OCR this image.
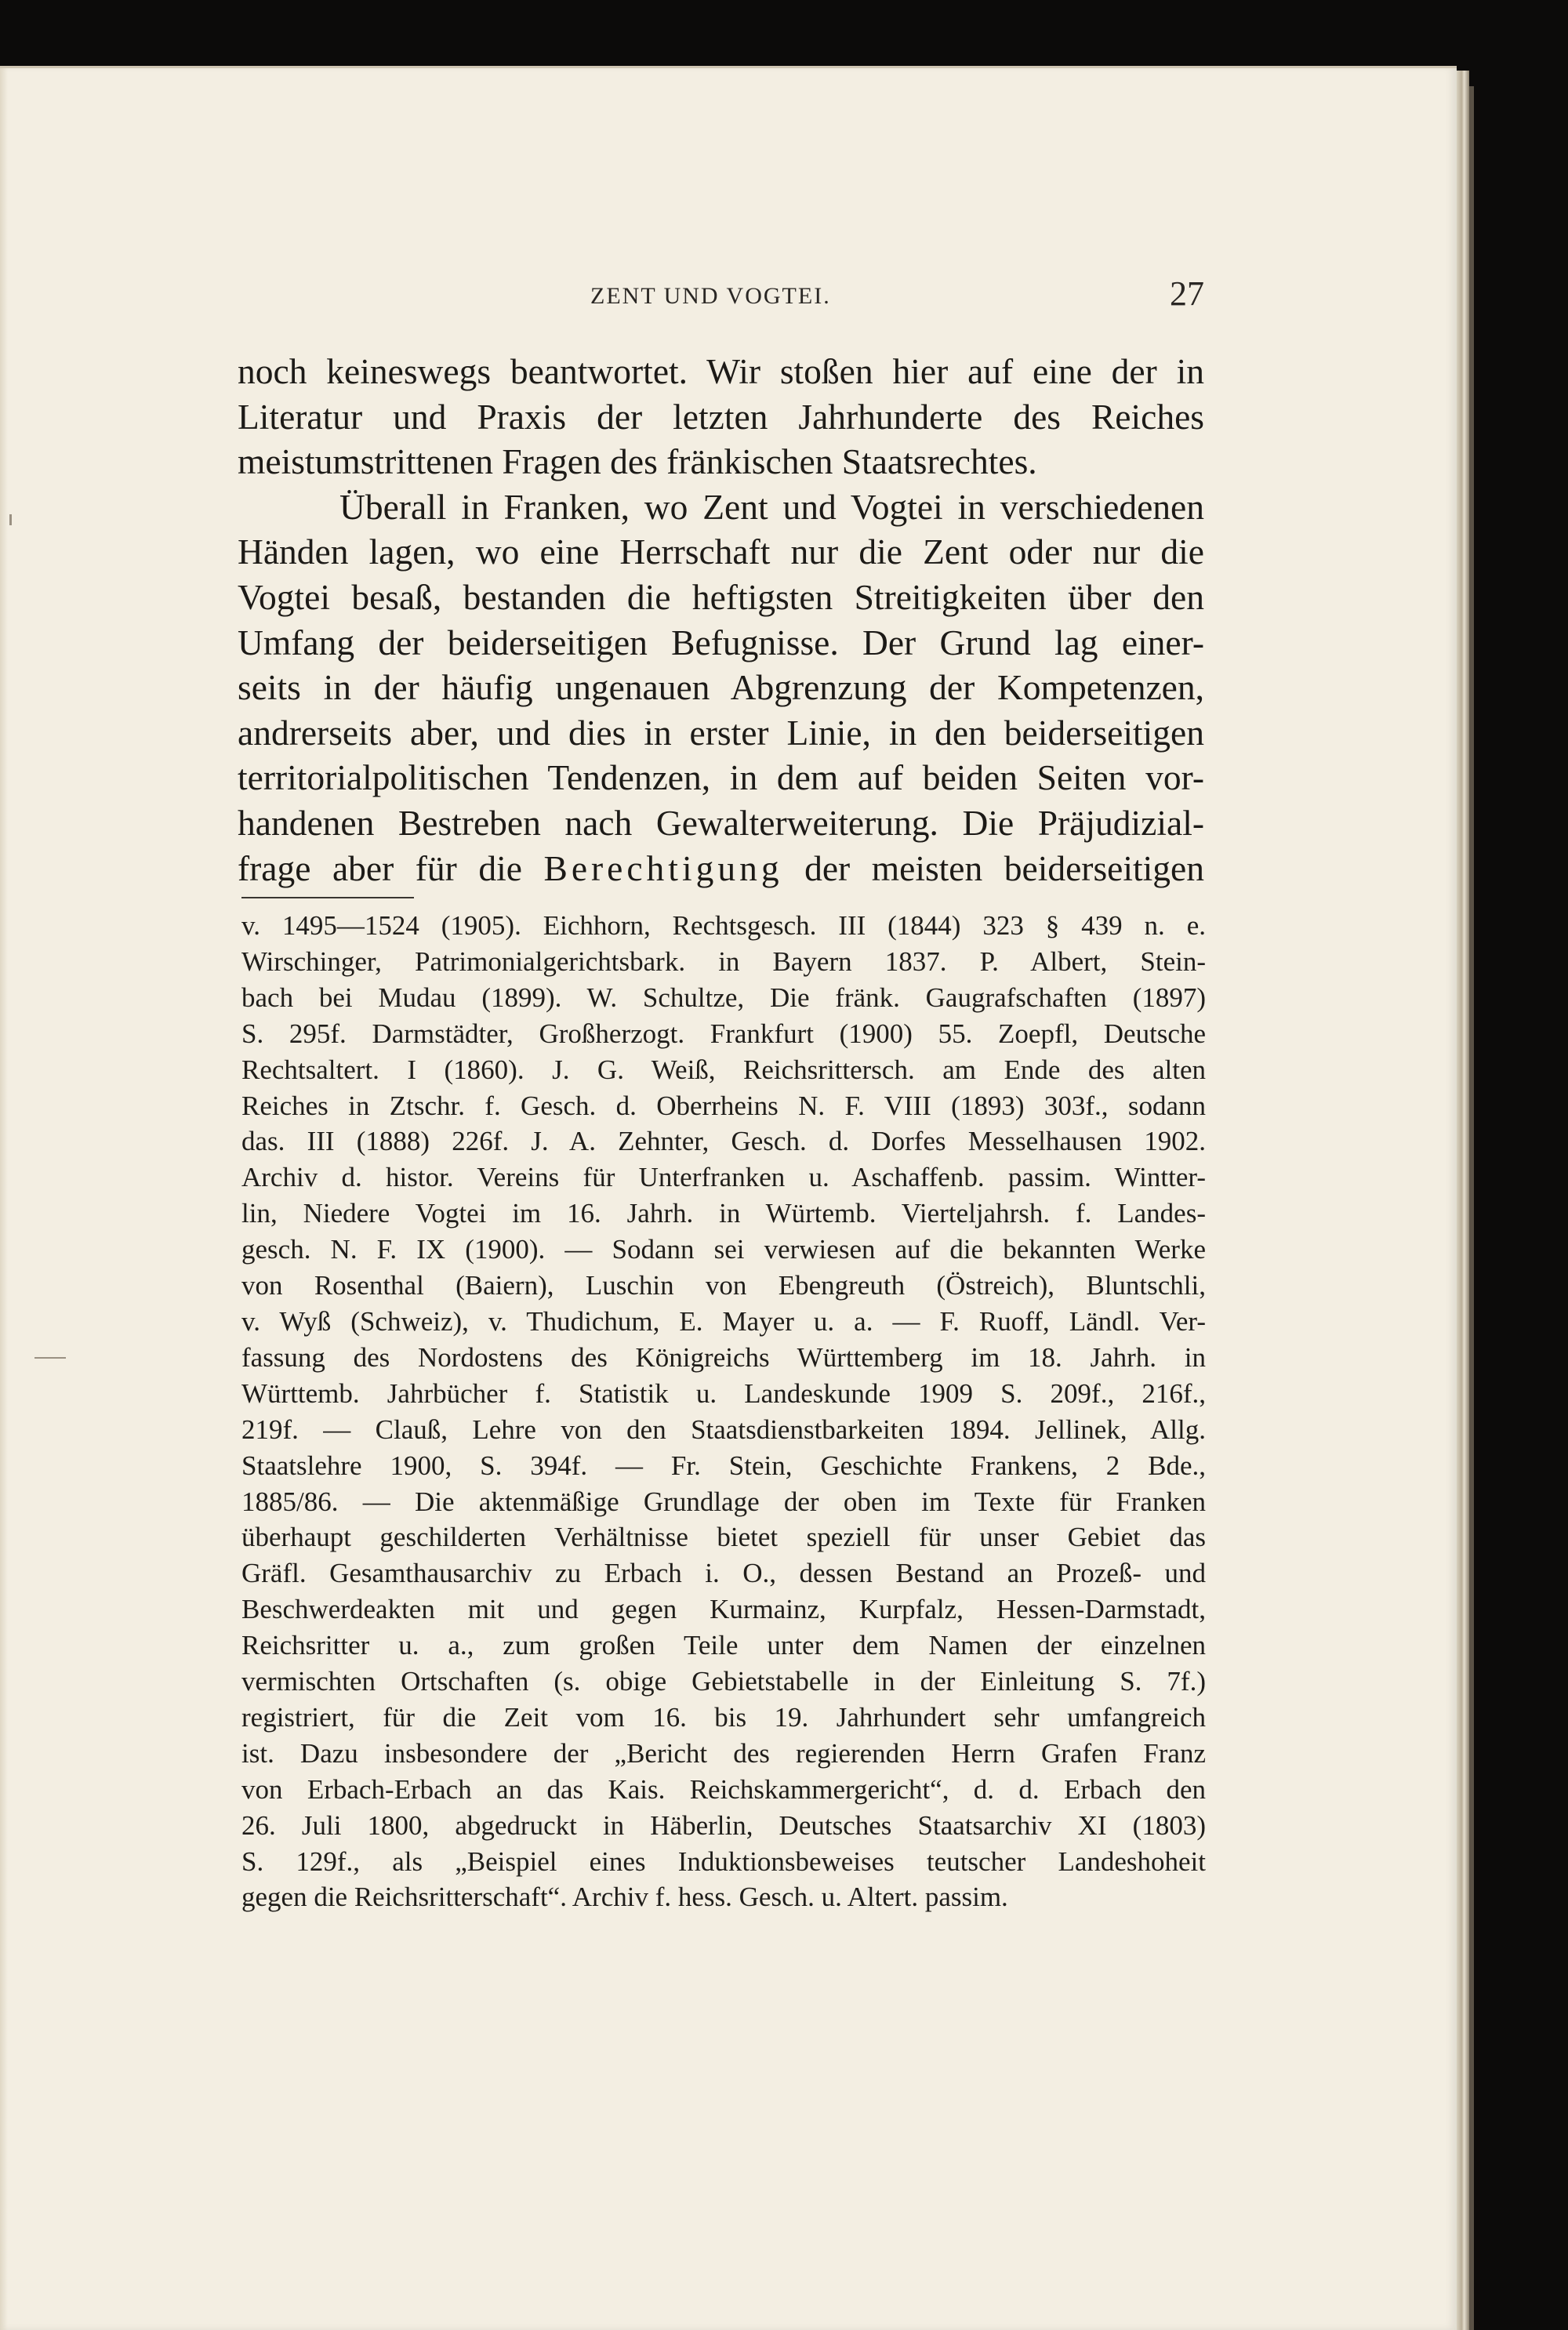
ZENT UND VOGTEI.	27
noch keineswegs beantwortet. Wir stoßen hier auf eine der in
Literatur und Praxis der letzten Jahrhunderte des Reiches
meistumstrittenen Fragen des fränkischen Staatsrechtes.
Überall in Franken, wo Zent und Vogtei in verschiedenen
Händen lagen, wo eine Herrschaft nur die Zent oder nur die
Vogtei besaß, bestanden die heftigsten Streitigkeiten über den
Umfang der beiderseitigen Befugnisse. Der Grund lag einer-
seits in der häufig ungenauen Abgrenzung der Kompetenzen,
andrerseits aber, und dies in erster Linie, in den beiderseitigen
territorialpolitischen Tendenzen, in dem auf beiden Seiten vor-
handenen Bestreben nach Gewalterweiterung. Die Präjudizial-
frage aber für die Berechtigung der meisten beiderseitigen
v. 1495—1524 (1905). Eichhorn, Rechtsgesch. III (1844) 323 § 439 n. e.
Wirschinger, Patrimonialgerichtsbark. in Bayern 1837. P. Albert, Stein-
bach bei Mudau (1899). W. Schultze, Die fränk. Gaugrafschaften (1897)
S. 295f. Darmstädter, Großherzogt. Frankfurt (1900) 55. Zoepfl, Deutsche
Rechtsaltert. I (1860). J. G. Weiß, Reichsrittersch. am Ende des alten
Reiches in Ztschr. f. Gesch. d. Oberrheins N. F. VIII (1893) 303f., sodann
das. III (1888) 226f. J. A. Zehnter, Gesch. d. Dorfes Messelhausen 1902.
Archiv d. histor. Vereins für Unterfranken u. Aschaffenb. passim. Wintter-
lin, Niedere Vogtei im 16. Jahrh. in Würtemb. Vierteljahrsh. f. Landes-
gesch. N. F. IX (1900). — Sodann sei verwiesen auf die bekannten Werke
von Rosenthal (Baiern), Luschin von Ebengreuth (Östreich), Bluntschli,
v. Wyß (Schweiz), v. Thudichum, E. Mayer u. a. — F. Ruoff, Ländl. Ver-
fassung des Nordostens des Königreichs Württemberg im 18. Jahrh. in
Württemb. Jahrbücher f. Statistik u. Landeskunde 1909 S. 209f., 216f.,
219f. — Clauß, Lehre von den Staatsdienstbarkeiten 1894. Jellinek, Allg.
Staatslehre 1900, S. 394f. — Fr. Stein, Geschichte Frankens, 2 Bde.,
1885/86. — Die aktenmäßige Grundlage der oben im Texte für Franken
überhaupt geschilderten Verhältnisse bietet speziell für unser Gebiet das
Gräfl. Gesamthausarchiv zu Erbach i. O., dessen Bestand an Prozeß- und
Beschwerdeakten mit und gegen Kurmainz, Kurpfalz, Hessen-Darmstadt,
Reichsritter u. a., zum großen Teile unter dem Namen der einzelnen
vermischten Ortschaften (s. obige Gebietstabelle in der Einleitung S. 7f.)
registriert, für die Zeit vom 16. bis 19. Jahrhundert sehr umfangreich
ist. Dazu insbesondere der „Bericht des regierenden Herrn Grafen Franz
von Erbach-Erbach an das Kais. Reichskammergericht“, d. d. Erbach den
26. Juli 1800, abgedruckt in Häberlin, Deutsches Staatsarchiv XI (1803)
S. 129f., als „Beispiel eines Induktionsbeweises teutscher Landeshoheit
gegen die Reichsritterschaft“. Archiv f. hess. Gesch. u. Altert. passim.
